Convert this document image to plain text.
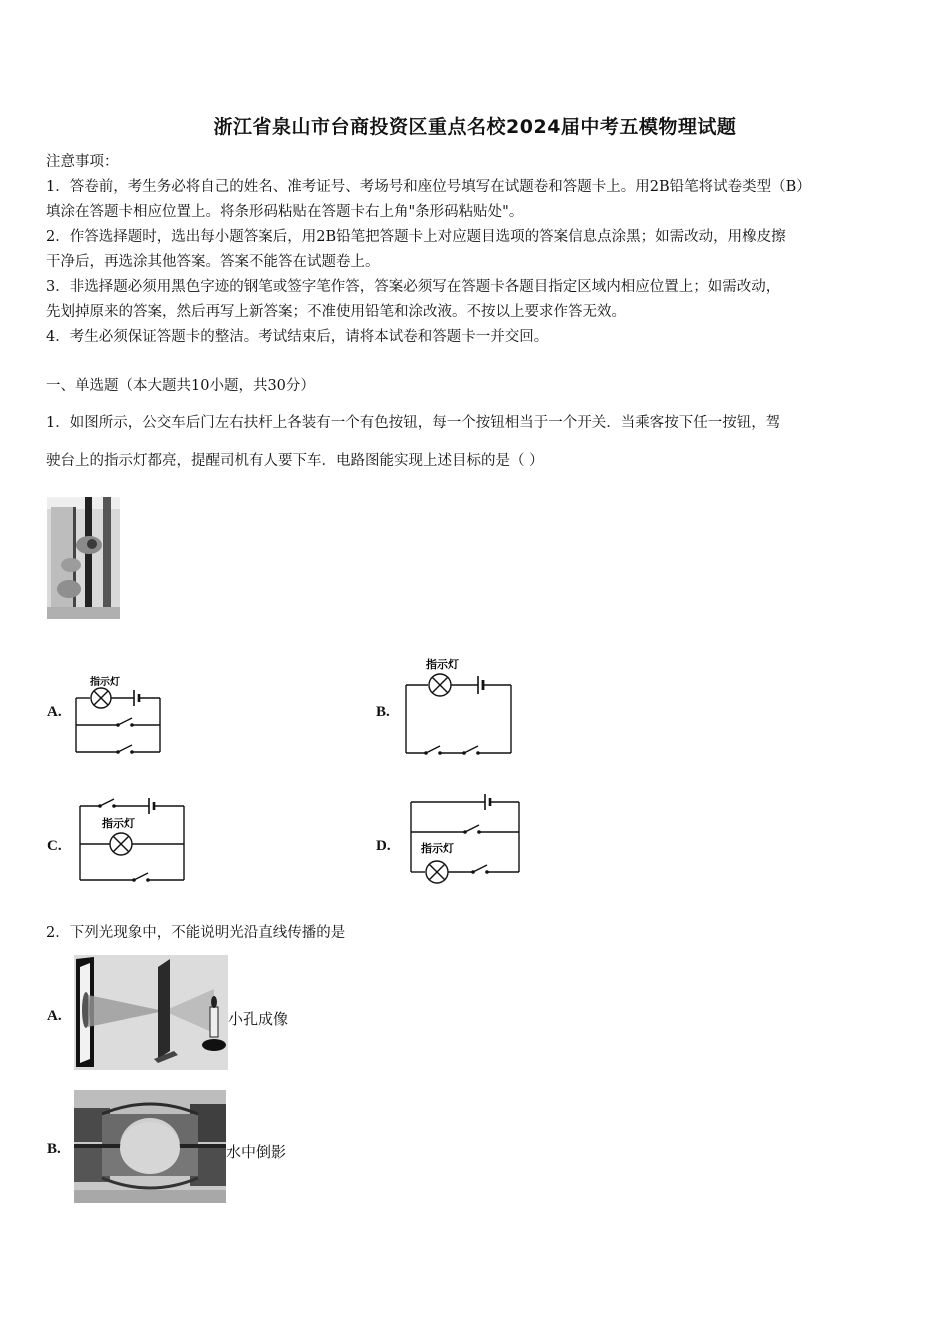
浙江省泉山市台商投资区重点名校2024届中考五模物理试题
注意事项：
1．答卷前，考生务必将自己的姓名、准考证号、考场号和座位号填写在试题卷和答题卡上。用2B铅笔将试卷类型（B）
填涂在答题卡相应位置上。将条形码粘贴在答题卡右上角"条形码粘贴处"。
2．作答选择题时，选出每小题答案后，用2B铅笔把答题卡上对应题目选项的答案信息点涂黑；如需改动，用橡皮擦
干净后，再选涂其他答案。答案不能答在试题卷上。
3．非选择题必须用黑色字迹的钢笔或签字笔作答，答案必须写在答题卡各题目指定区域内相应位置上；如需改动，
先划掉原来的答案，然后再写上新答案；不准使用铅笔和涂改液。不按以上要求作答无效。
4．考生必须保证答题卡的整洁。考试结束后，请将本试卷和答题卡一并交回。
一、单选题（本大题共10小题，共30分）
1．如图所示，公交车后门左右扶杆上各装有一个有色按钮，每一个按钮相当于一个开关．当乘客按下任一按钮，驾
驶台上的指示灯都亮，提醒司机有人要下车．电路图能实现上述目标的是（ ）
A.	B.
C.	D.
指示灯
指示灯
指示灯
指示灯
2．下列光现象中，不能说明光沿直线传播的是
A.	小孔成像
B.	水中倒影
